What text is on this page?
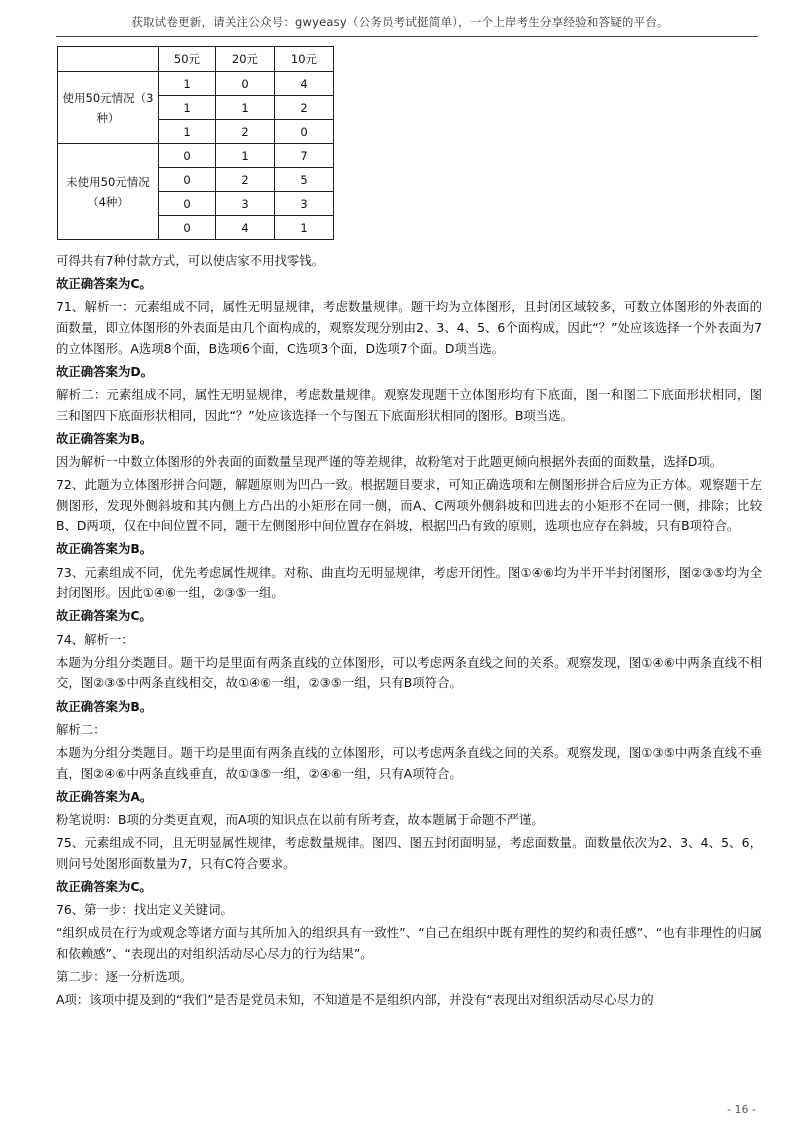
获取试卷更新，请关注公众号：gwyeasy（公务员考试挺简单），一个上岸考生分享经验和答疑的平台。
	50元	20元	10元
使用50元情况（3种）	1	0	4
	1	1	2
	1	2	0
未使用50元情况（4种）	0	1	7
	0	2	5
	0	3	3
	0	4	1

可得共有7种付款方式，可以使店家不用找零钱。

故正确答案为C。

71、解析一：元素组成不同，属性无明显规律，考虑数量规律。题干均为立体图形，且封闭区域较多，可数立体图形的外表面的面数量，即立体图形的外表面是由几个面构成的，观察发现分别由2、3、4、5、6个面构成，因此“？”处应该选择一个外表面为7的立体图形。A选项8个面，B选项6个面，C选项3个面，D选项7个面。D项当选。

故正确答案为D。

解析二：元素组成不同，属性无明显规律，考虑数量规律。观察发现题干立体图形均有下底面，图一和图二下底面形状相同，图三和图四下底面形状相同，因此“？”处应该选择一个与图五下底面形状相同的图形。B项当选。

故正确答案为B。

因为解析一中数立体图形的外表面的面数量呈现严谨的等差规律，故粉笔对于此题更倾向根据外表面的面数量，选择D项。

72、此题为立体图形拼合问题，解题原则为凹凸一致。根据题目要求，可知正确选项和左侧图形拼合后应为正方体。观察题干左侧图形，发现外侧斜坡和其内侧上方凸出的小矩形在同一侧，而A、C两项外侧斜坡和凹进去的小矩形不在同一侧，排除；比较B、D两项，仅在中间位置不同，题干左侧图形中间位置存在斜坡，根据凹凸有致的原则，选项也应存在斜坡，只有B项符合。

故正确答案为B。

73、元素组成不同，优先考虑属性规律。对称、曲直均无明显规律，考虑开闭性。图①④⑥均为半开半封闭图形，图②③⑤均为全封闭图形。因此①④⑥一组，②③⑤一组。

故正确答案为C。

74、解析一：

本题为分组分类题目。题干均是里面有两条直线的立体图形，可以考虑两条直线之间的关系。观察发现，图①④⑥中两条直线不相交，图②③⑤中两条直线相交，故①④⑥一组，②③⑤一组，只有B项符合。

故正确答案为B。

解析二：

本题为分组分类题目。题干均是里面有两条直线的立体图形，可以考虑两条直线之间的关系。观察发现，图①③⑤中两条直线不垂直，图②④⑥中两条直线垂直，故①③⑤一组，②④⑥一组，只有A项符合。

故正确答案为A。

粉笔说明：B项的分类更直观，而A项的知识点在以前有所考查，故本题属于命题不严谨。

75、元素组成不同，且无明显属性规律，考虑数量规律。图四、图五封闭面明显，考虑面数量。面数量依次为2、3、4、5、6，则问号处图形面数量为7，只有C符合要求。

故正确答案为C。

76、第一步：找出定义关键词。

“组织成员在行为或观念等诸方面与其所加入的组织具有一致性”、“自己在组织中既有理性的契约和责任感”、“也有非理性的归属和依赖感”、“表现出的对组织活动尽心尽力的行为结果”。

第二步：逐一分析选项。

A项：该项中提及到的“我们”是否是党员未知，不知道是不是组织内部，并没有“表现出对组织活动尽心尽力的

- 16 -
